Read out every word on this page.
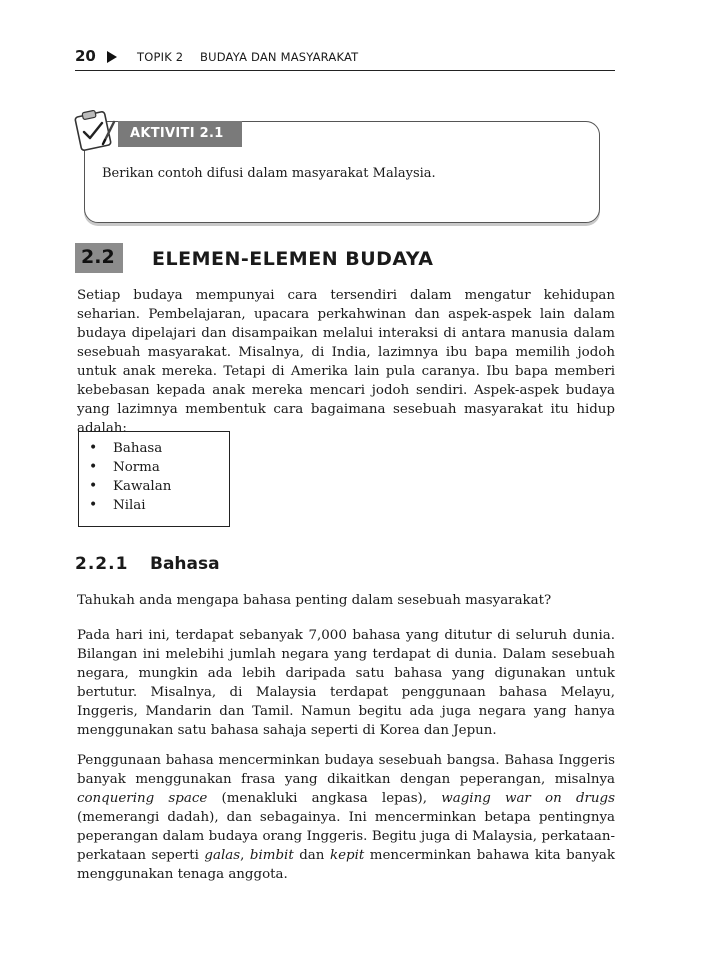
20	TOPIK 2 BUDAYA DAN MASYARAKAT
AKTIVITI 2.1
Berikan contoh difusi dalam masyarakat Malaysia.
2.2 ELEMEN-ELEMEN BUDAYA

Setiap budaya mempunyai cara tersendiri dalam mengatur kehidupan seharian. Pembelajaran, upacara perkahwinan dan aspek-aspek lain dalam budaya dipelajari dan disampaikan melalui interaksi di antara manusia dalam sesebuah masyarakat. Misalnya, di India, lazimnya ibu bapa memilih jodoh untuk anak mereka. Tetapi di Amerika lain pula caranya. Ibu bapa memberi kebebasan kepada anak mereka mencari jodoh sendiri. Aspek-aspek budaya yang lazimnya membentuk cara bagaimana sesebuah masyarakat itu hidup adalah:

• Bahasa
• Norma
• Kawalan
• Nilai
2.2.1 Bahasa

Tahukah anda mengapa bahasa penting dalam sesebuah masyarakat?

Pada hari ini, terdapat sebanyak 7,000 bahasa yang ditutur di seluruh dunia. Bilangan ini melebihi jumlah negara yang terdapat di dunia. Dalam sesebuah negara, mungkin ada lebih daripada satu bahasa yang digunakan untuk bertutur. Misalnya, di Malaysia terdapat penggunaan bahasa Melayu, Inggeris, Mandarin dan Tamil. Namun begitu ada juga negara yang hanya menggunakan satu bahasa sahaja seperti di Korea dan Jepun.

Penggunaan bahasa mencerminkan budaya sesebuah bangsa. Bahasa Inggeris banyak menggunakan frasa yang dikaitkan dengan peperangan, misalnya conquering space (menakluki angkasa lepas), waging war on drugs (memerangi dadah), dan sebagainya. Ini mencerminkan betapa pentingnya peperangan dalam budaya orang Inggeris. Begitu juga di Malaysia, perkataan-perkataan seperti galas, bimbit dan kepit mencerminkan bahawa kita banyak menggunakan tenaga anggota.
